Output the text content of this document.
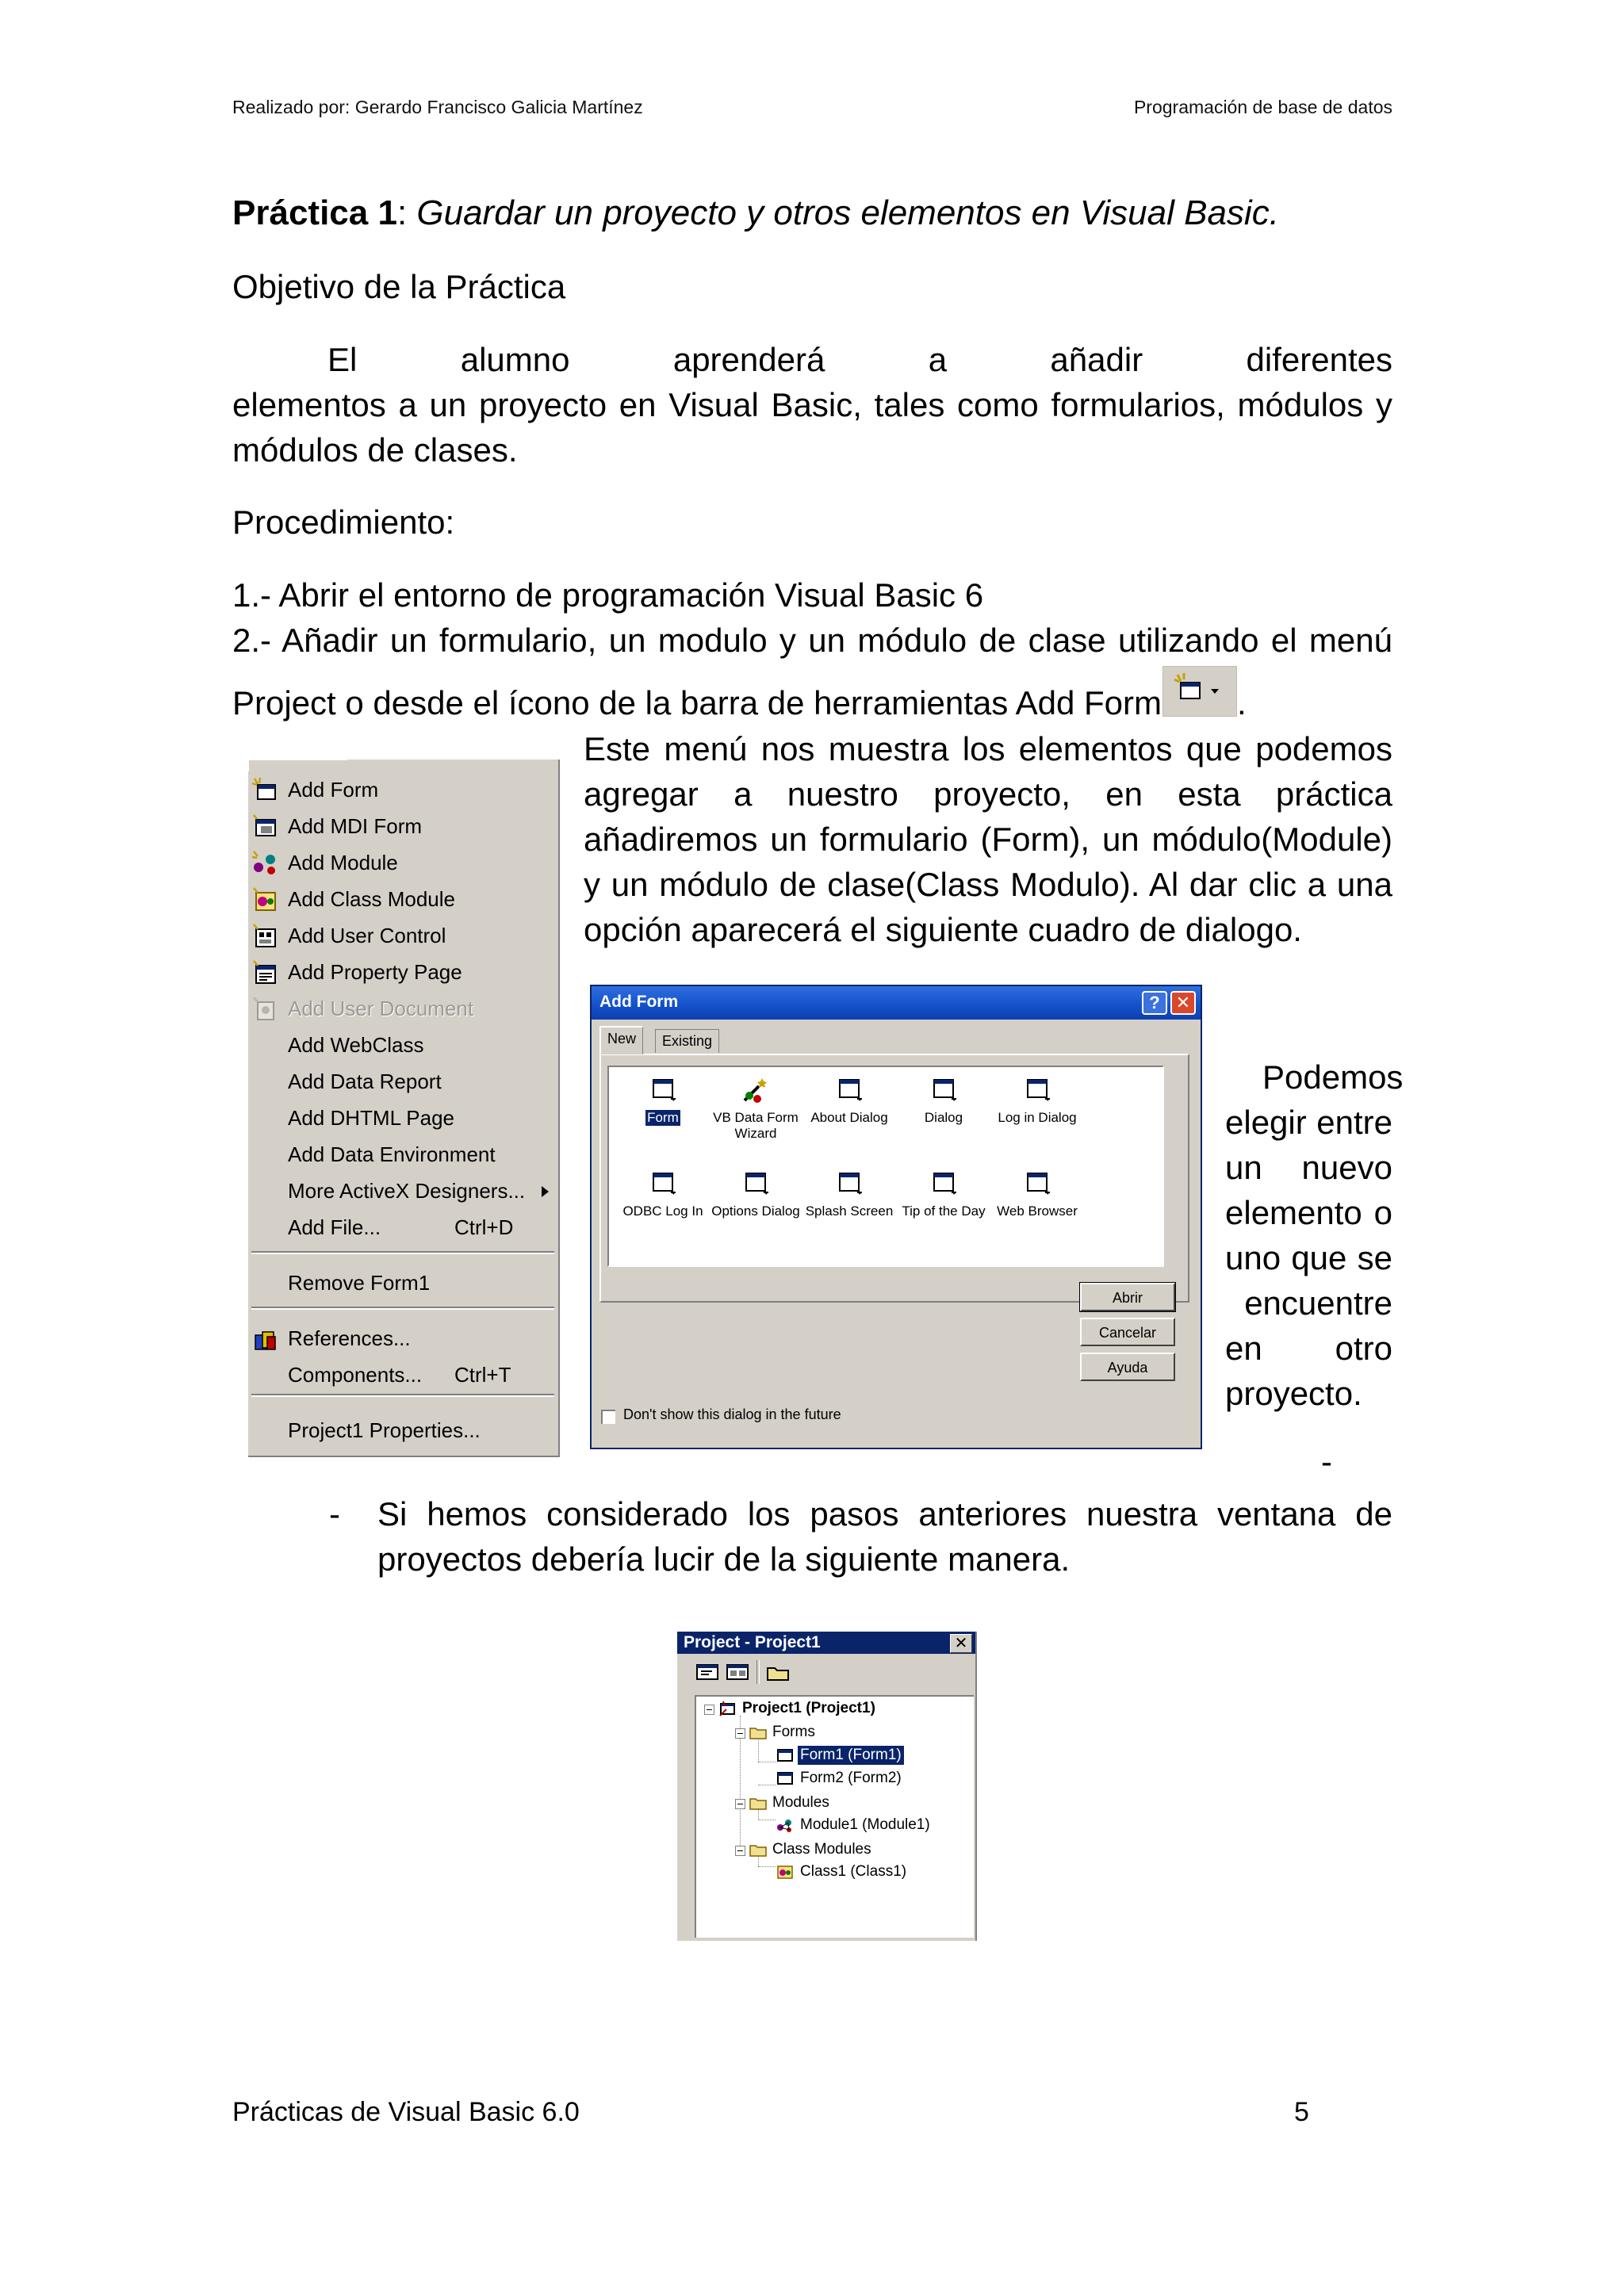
Realizado por: Gerardo Francisco Galicia Martínez	Programación de base de datos
Práctica 1: Guardar un proyecto y otros elementos en Visual Basic.
Objetivo de la Práctica
El alumno aprenderá a añadir diferentes
elementos a un proyecto en Visual Basic, tales como formularios, módulos y
módulos de clases.
Procedimiento:
1.- Abrir el entorno de programación Visual Basic 6
2.- Añadir un formulario, un modulo y un módulo de clase utilizando el menú
Project o desde el ícono de la barra de herramientas Add Form .
Add Form
Add MDI Form
Add Module
Add Class Module
Add User Control
Add Property Page
Add User Document
Add WebClass
Add Data Report
Add DHTML Page
Add Data Environment
More ActiveX Designers...
Add File...	Ctrl+D
Remove Form1
References...
Components... Ctrl+T
Project1 Properties...
Este menú nos muestra los elementos que podemos
agregar a nuestro proyecto, en esta práctica
añadiremos un formulario (Form), un módulo(Module)
y un módulo de clase(Class Modulo). Al dar clic a una
opción aparecerá el siguiente cuadro de dialogo.
Add Form	? ✕
New	Existing
Form	VB Data Form Wizard
About Dialog	Dialog	Log in Dialog
ODBC Log In Options Dialog Splash Screen Tip of the Day Web Browser
Abrir
Cancelar
Ayuda
Don't show this dialog in the future
Podemos
elegir entre
un nuevo
elemento o
uno que se
encuentre
en otro
proyecto.
-
- Si hemos considerado los pasos anteriores nuestra ventana de
proyectos debería lucir de la siguiente manera.
Project - Project1	✕
Project1 (Project1)
Forms
Form1 (Form1)
Form2 (Form2)
Modules
Module1 (Module1)
Class Modules
Class1 (Class1)
Prácticas de Visual Basic 6.0	5
